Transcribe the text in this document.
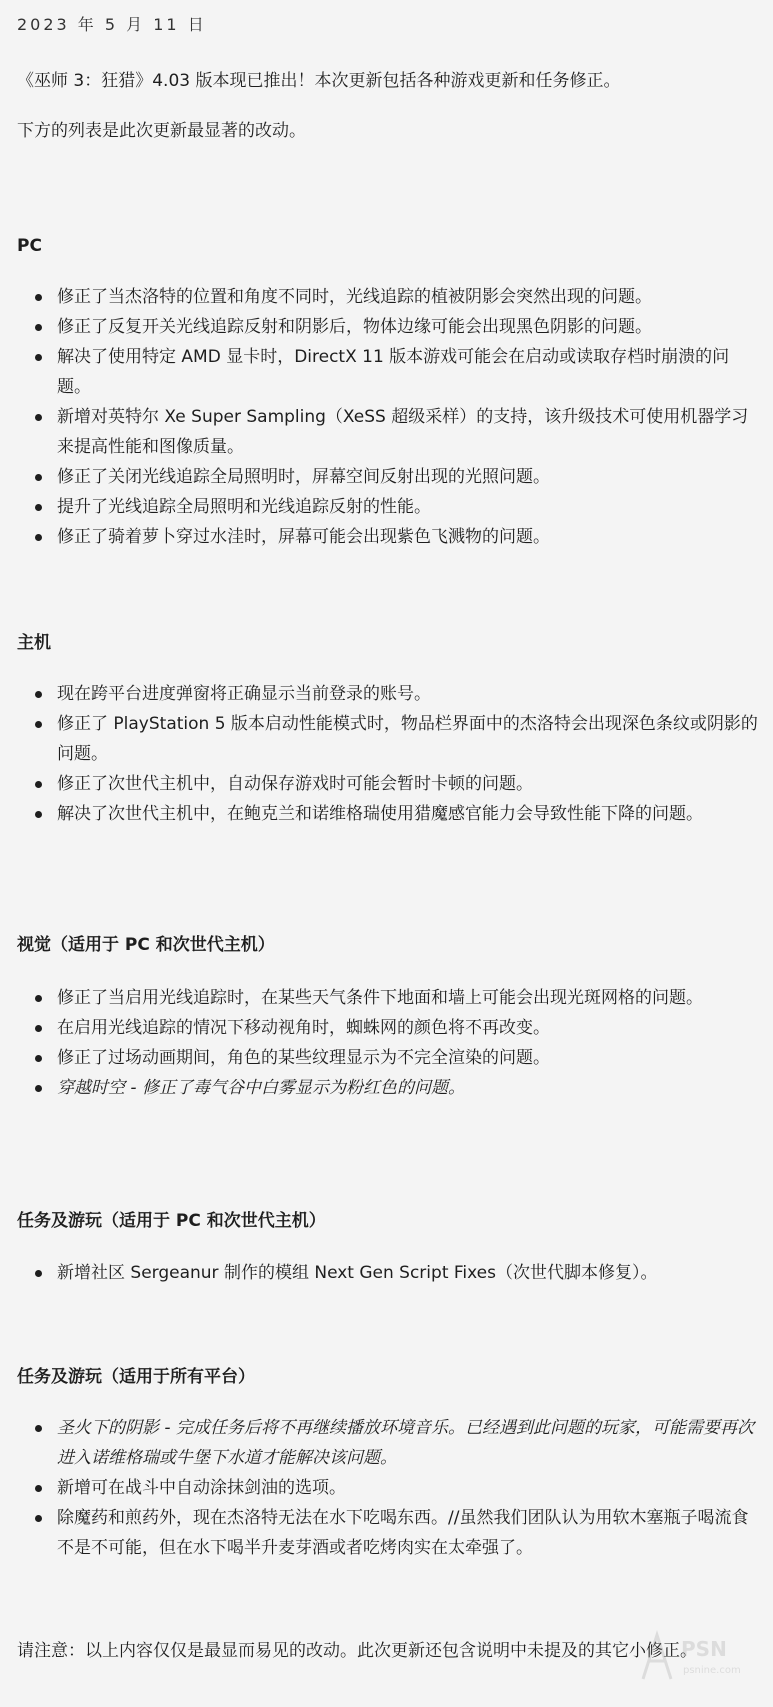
2023 年 5 月 11 日
《巫师 3：狂猎》4.03 版本现已推出！本次更新包括各种游戏更新和任务修正。
下方的列表是此次更新最显著的改动。
PC
修正了当杰洛特的位置和角度不同时，光线追踪的植被阴影会突然出现的问题。
修正了反复开关光线追踪反射和阴影后，物体边缘可能会出现黑色阴影的问题。
解决了使用特定 AMD 显卡时，DirectX 11 版本游戏可能会在启动或读取存档时崩溃的问题。
新增对英特尔 Xe Super Sampling（XeSS 超级采样）的支持，该升级技术可使用机器学习来提高性能和图像质量。
修正了关闭光线追踪全局照明时，屏幕空间反射出现的光照问题。
提升了光线追踪全局照明和光线追踪反射的性能。
修正了骑着萝卜穿过水洼时，屏幕可能会出现紫色飞溅物的问题。
主机
现在跨平台进度弹窗将正确显示当前登录的账号。
修正了 PlayStation 5 版本启动性能模式时，物品栏界面中的杰洛特会出现深色条纹或阴影的问题。
修正了次世代主机中，自动保存游戏时可能会暂时卡顿的问题。
解决了次世代主机中，在鲍克兰和诺维格瑞使用猎魔感官能力会导致性能下降的问题。
视觉（适用于 PC 和次世代主机）
修正了当启用光线追踪时，在某些天气条件下地面和墙上可能会出现光斑网格的问题。
在启用光线追踪的情况下移动视角时，蜘蛛网的颜色将不再改变。
修正了过场动画期间，角色的某些纹理显示为不完全渲染的问题。
穿越时空 - 修正了毒气谷中白雾显示为粉红色的问题。
任务及游玩（适用于 PC 和次世代主机）
新增社区 Sergeanur 制作的模组 Next Gen Script Fixes（次世代脚本修复）。
任务及游玩（适用于所有平台）
圣火下的阴影 - 完成任务后将不再继续播放环境音乐。已经遇到此问题的玩家，可能需要再次进入诺维格瑞或牛堡下水道才能解决该问题。
新增可在战斗中自动涂抹剑油的选项。
除魔药和煎药外，现在杰洛特无法在水下吃喝东西。//虽然我们团队认为用软木塞瓶子喝流食不是不可能，但在水下喝半升麦芽酒或者吃烤肉实在太牵强了。
请注意：以上内容仅仅是最显而易见的改动。此次更新还包含说明中未提及的其它小修正。
PSN
psnine.com
